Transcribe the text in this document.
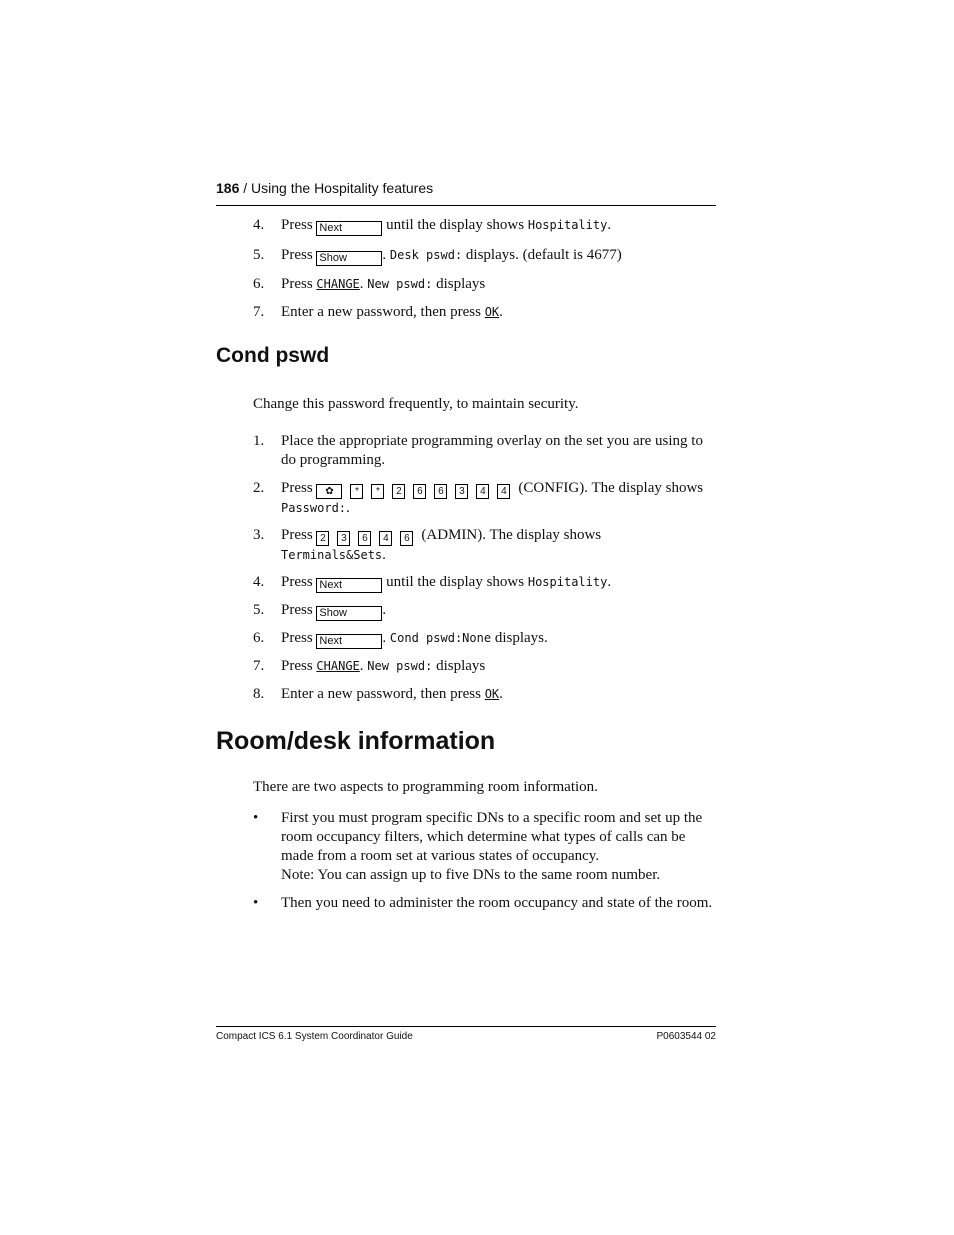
186 / Using the Hospitality features
4. Press Next	until the display shows Hospitality.
5. Press Show . Desk pswd: displays. (default is 4677)
6. Press CHANGE. New pswd: displays
7. Enter a new password, then press OK.
Cond pswd
Change this password frequently, to maintain security.
1. Place the appropriate programming overlay on the set you are using to do programming.
2. Press ✿ * * 2 6 6 3 4 4 (CONFIG). The display shows
Password:.
3. Press 2 3 6 4 6 (ADMIN). The display shows
Terminals&Sets.
4. Press Next	until the display shows Hospitality.
5. Press Show .
6. Press Next	. Cond pswd:None displays.
7. Press CHANGE. New pswd: displays
8. Enter a new password, then press OK.
Room/desk information
There are two aspects to programming room information.
• First you must program specific DNs to a specific room and set up the room occupancy filters, which determine what types of calls can be made from a room set at various states of occupancy.
Note: You can assign up to five DNs to the same room number.
• Then you need to administer the room occupancy and state of the room.
Compact ICS 6.1 System Coordinator Guide	P0603544 02
